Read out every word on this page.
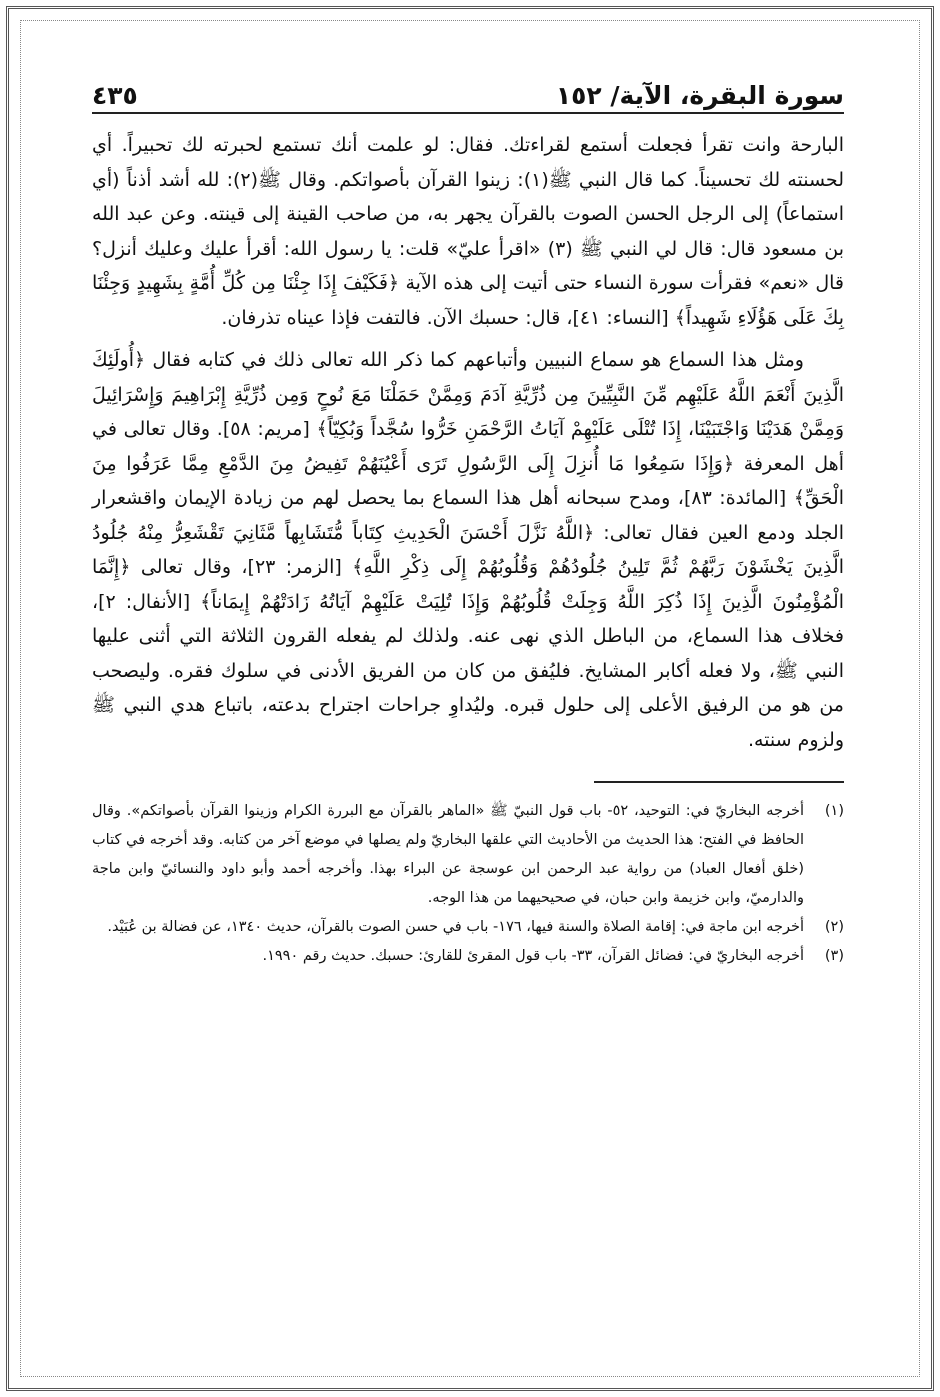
سورة البقرة، الآية/ ١٥٢
٤٣٥

البارحة وانت تقرأ فجعلت أستمع لقراءتك. فقال: لو علمت أنك تستمع لحبرته لك تحبيراً. أي لحسنته لك تحسيناً. كما قال النبي ﷺ(١): زينوا القرآن بأصواتكم. وقال ﷺ(٢): لله أشد أذناً (أي استماعاً) إلى الرجل الحسن الصوت بالقرآن يجهر به، من صاحب القينة إلى قينته. وعن عبد الله بن مسعود قال: قال لي النبي ﷺ (٣) «اقرأ عليّ» قلت: يا رسول الله: أقرأ عليك وعليك أنزل؟ قال «نعم» فقرأت سورة النساء حتى أتيت إلى هذه الآية ﴿فَكَيْفَ إِذَا جِئْنَا مِن كُلِّ أُمَّةٍ بِشَهِيدٍ وَجِئْنَا بِكَ عَلَى هَؤُلَاءِ شَهِيداً﴾ [النساء: ٤١]، قال: حسبك الآن. فالتفت فإذا عيناه تذرفان.

ومثل هذا السماع هو سماع النبيين وأتباعهم كما ذكر الله تعالى ذلك في كتابه فقال ﴿أُولَئِكَ الَّذِينَ أَنْعَمَ اللَّهُ عَلَيْهِم مِّنَ النَّبِيِّينَ مِن ذُرِّيَّةِ آدَمَ وَمِمَّنْ حَمَلْنَا مَعَ نُوحٍ وَمِن ذُرِّيَّةِ إِبْرَاهِيمَ وَإِسْرَائِيلَ وَمِمَّنْ هَدَيْنَا وَاجْتَبَيْنَا، إِذَا تُتْلَى عَلَيْهِمْ آيَاتُ الرَّحْمَنِ خَرُّوا سُجَّداً وَبُكِيّاً﴾ [مريم: ٥٨]. وقال تعالى في أهل المعرفة ﴿وَإِذَا سَمِعُوا مَا أُنزِلَ إِلَى الرَّسُولِ تَرَى أَعْيُنَهُمْ تَفِيضُ مِنَ الدَّمْعِ مِمَّا عَرَفُوا مِنَ الْحَقِّ﴾ [المائدة: ٨٣]، ومدح سبحانه أهل هذا السماع بما يحصل لهم من زيادة الإيمان واقشعرار الجلد ودمع العين فقال تعالى: ﴿اللَّهُ نَزَّلَ أَحْسَنَ الْحَدِيثِ كِتَاباً مُّتَشَابِهاً مَّثَانِيَ تَقْشَعِرُّ مِنْهُ جُلُودُ الَّذِينَ يَخْشَوْنَ رَبَّهُمْ ثُمَّ تَلِينُ جُلُودُهُمْ وَقُلُوبُهُمْ إِلَى ذِكْرِ اللَّهِ﴾ [الزمر: ٢٣]، وقال تعالى ﴿إِنَّمَا الْمُؤْمِنُونَ الَّذِينَ إِذَا ذُكِرَ اللَّهُ وَجِلَتْ قُلُوبُهُمْ وَإِذَا تُلِيَتْ عَلَيْهِمْ آيَاتُهُ زَادَتْهُمْ إِيمَاناً﴾ [الأنفال: ٢]، فخلاف هذا السماع، من الباطل الذي نهى عنه. ولذلك لم يفعله القرون الثلاثة التي أثنى عليها النبي ﷺ، ولا فعله أكابر المشايخ. فليُفق من كان من الفريق الأدنى في سلوك فقره. وليصحب من هو من الرفيق الأعلى إلى حلول قبره. وليُداوِ جراحات اجتراح بدعته، باتباع هدي النبي ﷺ ولزوم سنته.

(١)
أخرجه البخاريّ في: التوحيد، ٥٢- باب قول النبيّ ﷺ «الماهر بالقرآن مع البررة الكرام وزينوا القرآن بأصواتكم». وقال الحافظ في الفتح: هذا الحديث من الأحاديث التي علقها البخاريّ ولم يصلها في موضع آخر من كتابه. وقد أخرجه في كتاب (خلق أفعال العباد) من رواية عبد الرحمن ابن عوسجة عن البراء بهذا. وأخرجه أحمد وأبو داود والنسائيّ وابن ماجة والدارميّ، وابن خزيمة وابن حبان، في صحيحيهما من هذا الوجه.
(٢)
أخرجه ابن ماجة في: إقامة الصلاة والسنة فيها، ١٧٦- باب في حسن الصوت بالقرآن، حديث ١٣٤٠، عن فضالة بن عُبَيْد.
(٣)
أخرجه البخاريّ في: فضائل القرآن، ٣٣- باب قول المقرئ للقارئ: حسبك. حديث رقم ١٩٩٠.
